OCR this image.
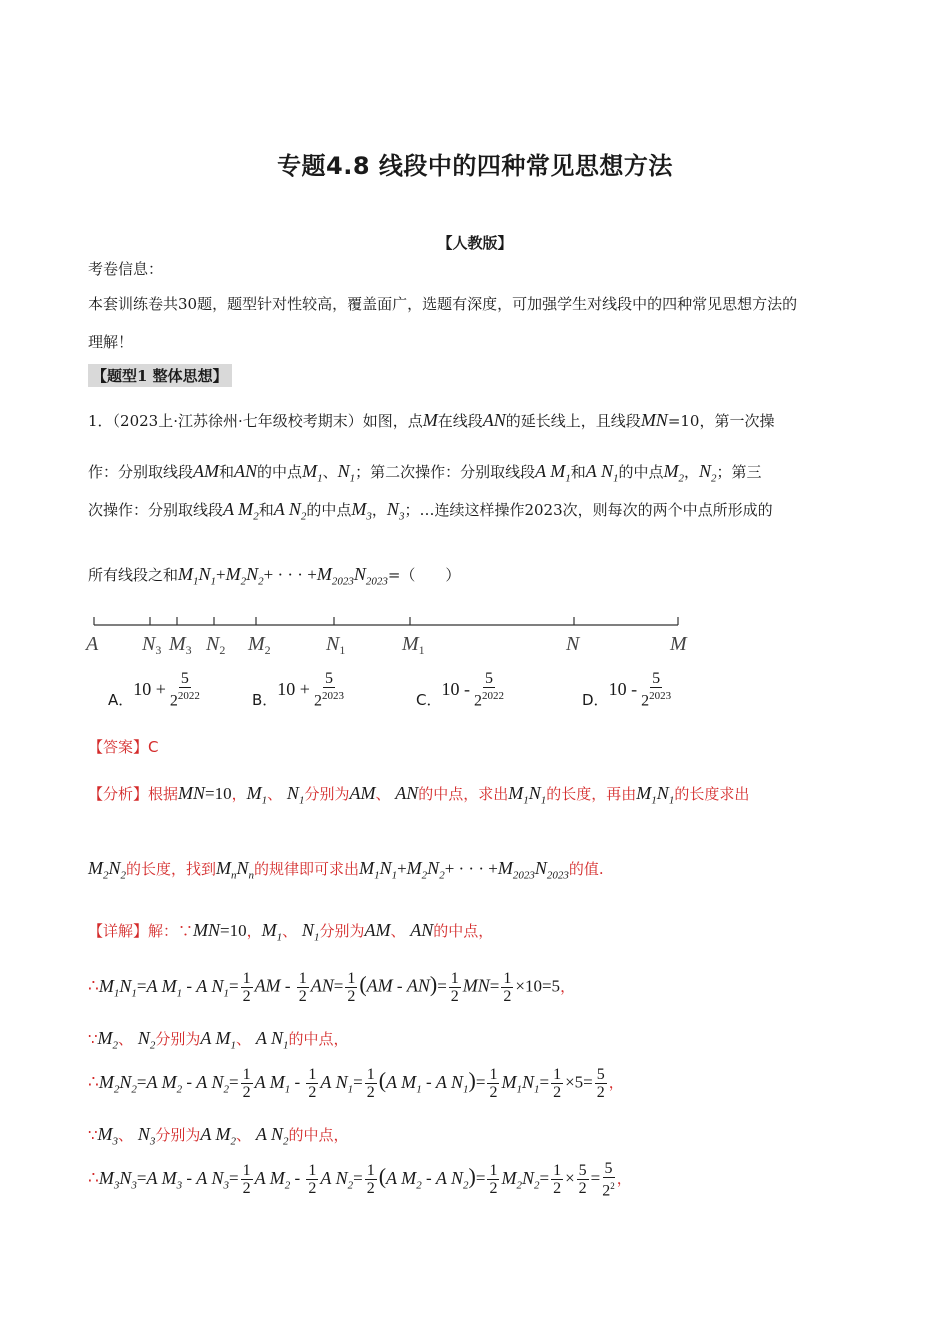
专题4.8 线段中的四种常见思想方法
【人教版】
考卷信息：
本套训练卷共30题，题型针对性较高，覆盖面广，选题有深度，可加强学生对线段中的四种常见思想方法的
理解！
【题型1 整体思想】
1．（2023上·江苏徐州·七年级校考期末）如图，点M在线段AN的延长线上，且线段MN=10，第一次操
作：分别取线段AM和AN的中点$M_1$、$N_1$；第二次操作：分别取线段A $M_1$和A $N_1$的中点$M_2$，$N_2$；第三
次操作：分别取线段A $M_2$和A $N_2$的中点$M_3$，$N_3$；…连续这样操作2023次，则每次的两个中点所形成的
所有线段之和$M_1N_1+M_2N_2+$ · · · $+M_{2023}N_{2023}=$（　　）
A $N_3$ $M_3$ $N_2$ $M_2$	$N_1$	$M_1$	N	M
A．
$10 + \frac{5}{2^{2022}}$	B．
$10 + \frac{5}{2^{2023}}$	C．
$10 - \frac{5}{2^{2022}}$	D．
$10 - \frac{5}{2^{2023}}$
【答案】C
【分析】根据MN=10，$M_1$、 $N_1$分别为AM、 AN的中点，求出$M_1N_1$的长度，再由$M_1N_1$的长度求出
$M_2N_2$的长度，找到$M_nN_n$的规律即可求出$M_1N_1+M_2N_2+$ · · · $+M_{2023}N_{2023}$的值.
【详解】解：∵MN=10，$M_1$、 $N_1$分别为AM、 AN的中点，
$\therefore M_1N_1=A$ $M_1$ - A $N_1= \frac{1}{2}$ AM - $\frac{1}{2} AN= \frac{1}{2} (AM - AN)= \frac{1}{2} MN= \frac{1}{2} \times 10=5$，
$\because M_2$、 $N_2$分别为A $M_1$、 A $N_1$的中点，
$\therefore M_2N_2=A$ $M_2$ - A $N_2= \frac{1}{2}$ A $M_1 - \frac{1}{2}$ A $N_1= \frac{1}{2} (A$ $M_1$ - A $N_1)= \frac{1}{2} M_1N_1= \frac{1}{2} \times 5= \frac{5}{2}$ ，
$\because M_3$、 $N_3$分别为A $M_2$、 A $N_2$的中点，
$\therefore M_3N_3=A$ $M_3$ - A $N_3= \frac{1}{2}$ A $M_2 - \frac{1}{2}$ A $N_2= \frac{1}{2} (A$ $M_2$ - A $N_2)= \frac{1}{2} M_2N_2= \frac{1}{2} \times \frac{5}{2} = \frac{5}{2^2}$ ，
